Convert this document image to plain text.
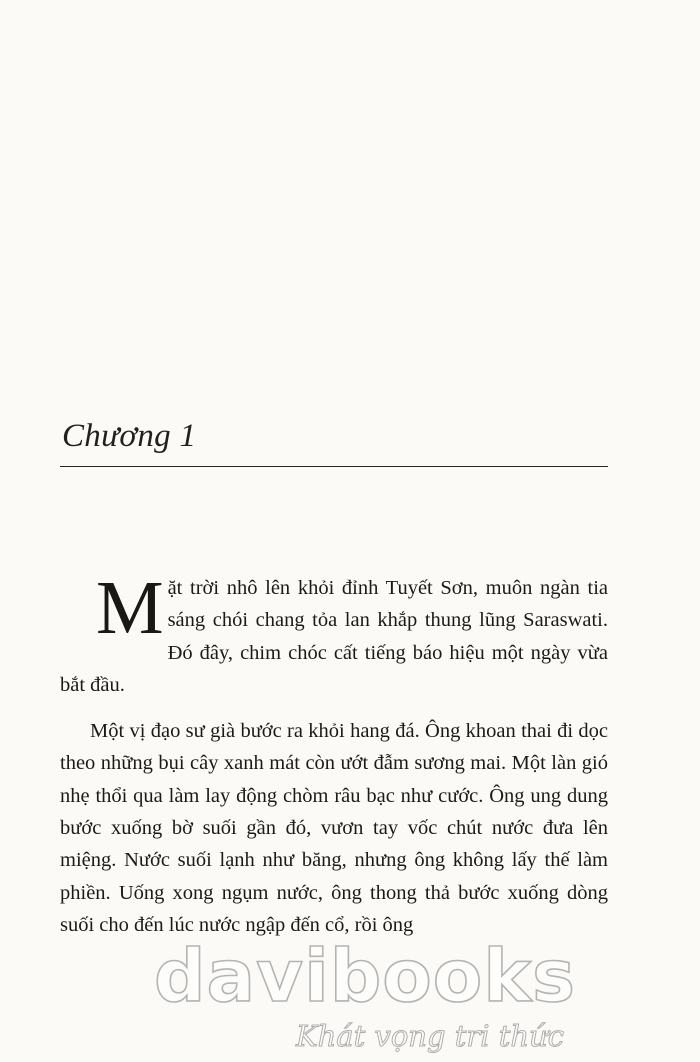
Chương 1

Mặt trời nhô lên khỏi đỉnh Tuyết Sơn, muôn ngàn tia sáng chói chang tỏa lan khắp thung lũng Saraswati. Đó đây, chim chóc cất tiếng báo hiệu một ngày vừa bắt đầu.

Một vị đạo sư già bước ra khỏi hang đá. Ông khoan thai đi dọc theo những bụi cây xanh mát còn ướt đẫm sương mai. Một làn gió nhẹ thổi qua làm lay động chòm râu bạc như cước. Ông ung dung bước xuống bờ suối gần đó, vươn tay vốc chút nước đưa lên miệng. Nước suối lạnh như băng, nhưng ông không lấy thế làm phiền. Uống xong ngụm nước, ông thong thả bước xuống dòng suối cho đến lúc nước ngập đến cổ, rồi ông

davibooks
Khát vọng tri thức
